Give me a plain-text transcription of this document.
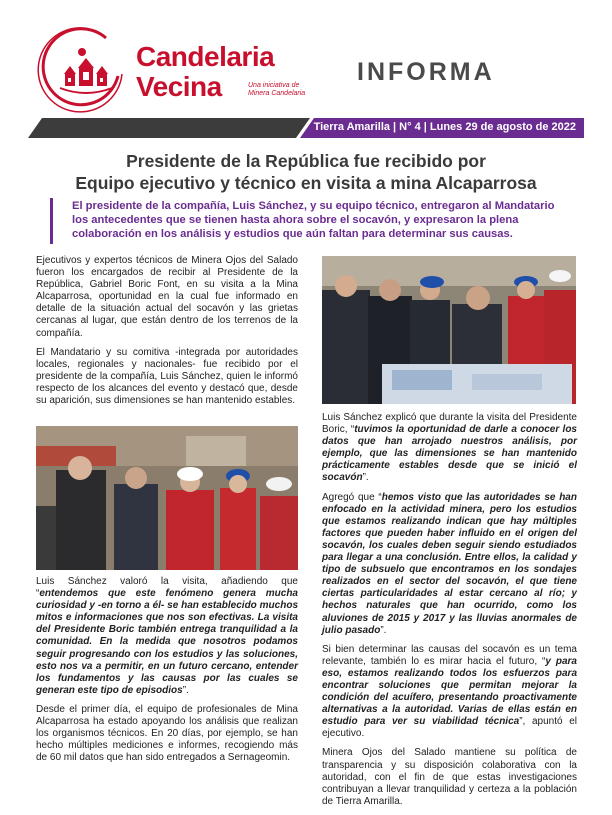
Candelaria
Vecina	Una iniciativa de Minera Candelaria
INFORMA
Tierra Amarilla | N° 4 | Lunes 29 de agosto de 2022
Presidente de la República fue recibido por
Equipo ejecutivo y técnico en visita a mina Alcaparrosa
El presidente de la compañía, Luis Sánchez, y su equipo técnico, entregaron al Mandatario los antecedentes que se tienen hasta ahora sobre el socavón, y expresaron la plena colaboración en los análisis y estudios que aún faltan para determinar sus causas.

Ejecutivos y expertos técnicos de Minera Ojos del Salado fueron los encargados de recibir al Presidente de la República, Gabriel Boric Font, en su visita a la Mina Alcaparrosa, oportunidad en la cual fue informado en detalle de la situación actual del socavón y las grietas cercanas al lugar, que están dentro de los terrenos de la compañía.

El Mandatario y su comitiva -integrada por autoridades locales, regionales y nacionales- fue recibido por el presidente de la compañía, Luis Sánchez, quien le informó respecto de los alcances del evento y destacó que, desde su aparición, sus dimensiones se han mantenido estables.

Luis Sánchez valoró la visita, añadiendo que “entendemos que este fenómeno genera mucha curiosidad y -en torno a él- se han establecido muchos mitos e informaciones que nos son efectivas. La visita del Presidente Boric también entrega tranquilidad a la comunidad. En la medida que nosotros podamos seguir progresando con los estudios y las soluciones, esto nos va a permitir, en un futuro cercano, entender los fundamentos y las causas por las cuales se generan este tipo de episodios”.

Desde el primer día, el equipo de profesionales de Mina Alcaparrosa ha estado apoyando los análisis que realizan los organismos técnicos. En 20 días, por ejemplo, se han hecho múltiples mediciones e informes, recogiendo más de 60 mil datos que han sido entregados a Sernageomin.

Luis Sánchez explicó que durante la visita del Presidente Boric, “tuvimos la oportunidad de darle a conocer los datos que han arrojado nuestros análisis, por ejemplo, que las dimensiones se han mantenido prácticamente estables desde que se inició el socavón”.

Agregó que “hemos visto que las autoridades se han enfocado en la actividad minera, pero los estudios que estamos realizando indican que hay múltiples factores que pueden haber influido en el origen del socavón, los cuales deben seguir siendo estudiados para llegar a una conclusión. Entre ellos, la calidad y tipo de subsuelo que encontramos en los sondajes realizados en el sector del socavón, el que tiene ciertas particularidades al estar cercano al río; y hechos naturales que han ocurrido, como los aluviones de 2015 y 2017 y las lluvias anormales de julio pasado”.

Si bien determinar las causas del socavón es un tema relevante, también lo es mirar hacia el futuro, “y para eso, estamos realizando todos los esfuerzos para encontrar soluciones que permitan mejorar la condición del acuífero, presentando proactivamente alternativas a la autoridad. Varias de ellas están en estudio para ver su viabilidad técnica”, apuntó el ejecutivo.

Minera Ojos del Salado mantiene su política de transparencia y su disposición colaborativa con la autoridad, con el fin de que estas investigaciones contribuyan a llevar tranquilidad y certeza a la población de Tierra Amarilla.
